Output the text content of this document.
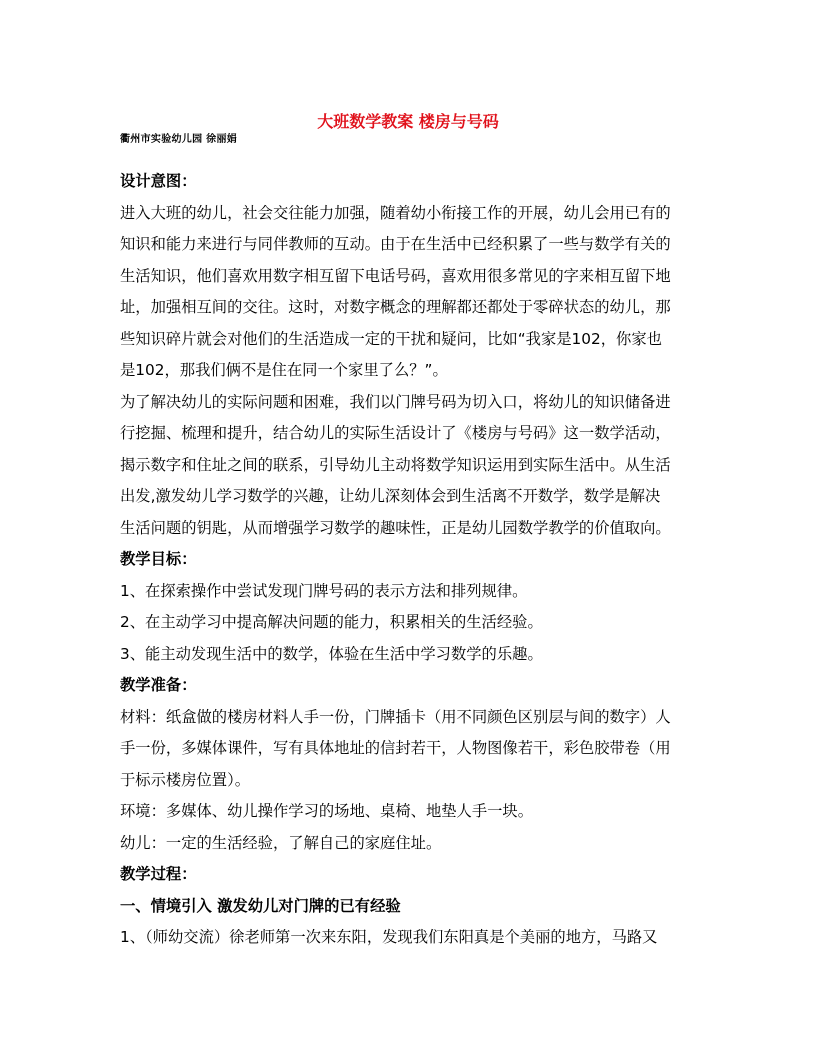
大班数学教案 楼房与号码
衢州市实验幼儿园 徐丽娟

设计意图：

进入大班的幼儿，社会交往能力加强，随着幼小衔接工作的开展，幼儿会用已有的

知识和能力来进行与同伴教师的互动。由于在生活中已经积累了一些与数学有关的

生活知识，他们喜欢用数字相互留下电话号码，喜欢用很多常见的字来相互留下地

址，加强相互间的交往。这时，对数字概念的理解都还都处于零碎状态的幼儿，那

些知识碎片就会对他们的生活造成一定的干扰和疑问，比如“我家是102，你家也

是102，那我们俩不是住在同一个家里了么？”。

为了解决幼儿的实际问题和困难，我们以门牌号码为切入口，将幼儿的知识储备进

行挖掘、梳理和提升，结合幼儿的实际生活设计了《楼房与号码》这一数学活动，

揭示数字和住址之间的联系，引导幼儿主动将数学知识运用到实际生活中。从生活

出发,激发幼儿学习数学的兴趣，让幼儿深刻体会到生活离不开数学，数学是解决

生活问题的钥匙，从而增强学习数学的趣味性，正是幼儿园数学教学的价值取向。

教学目标：

1、在探索操作中尝试发现门牌号码的表示方法和排列规律。

2、在主动学习中提高解决问题的能力，积累相关的生活经验。

3、能主动发现生活中的数学，体验在生活中学习数学的乐趣。

教学准备：

材料：纸盒做的楼房材料人手一份，门牌插卡（用不同颜色区别层与间的数字）人

手一份，多媒体课件，写有具体地址的信封若干，人物图像若干，彩色胶带卷（用

于标示楼房位置）。

环境：多媒体、幼儿操作学习的场地、桌椅、地垫人手一块。

幼儿：一定的生活经验，了解自己的家庭住址。

教学过程：

一、情境引入 激发幼儿对门牌的已有经验

1、（师幼交流）徐老师第一次来东阳，发现我们东阳真是个美丽的地方，马路又
